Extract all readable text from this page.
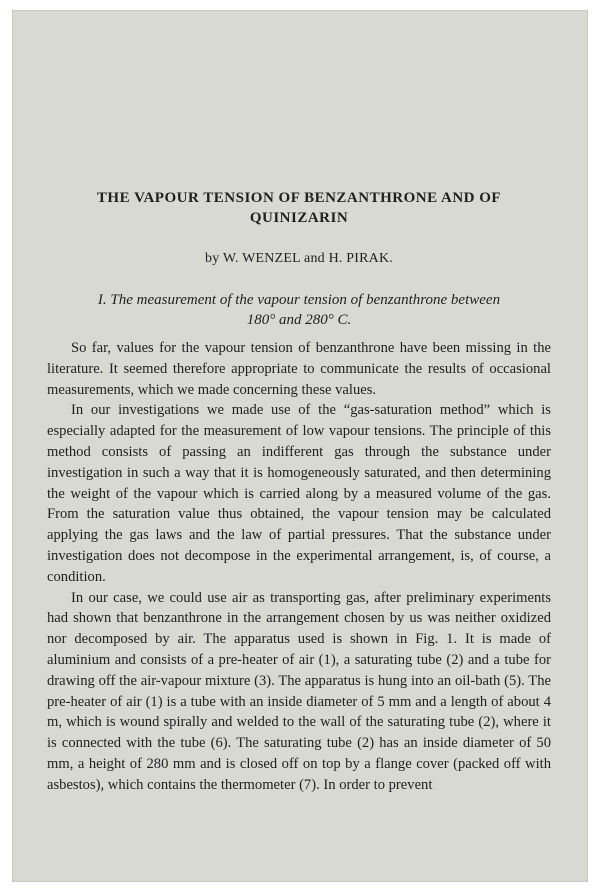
THE VAPOUR TENSION OF BENZANTHRONE AND OF
QUINIZARIN
by W. WENZEL and H. PIRAK.
I. The measurement of the vapour tension of benzanthrone between
180° and 280° C.

So far, values for the vapour tension of benzanthrone have been missing in the literature. It seemed therefore appropriate to communicate the results of occasional measurements, which we made concerning these values.

In our investigations we made use of the “gas-saturation method” which is especially adapted for the measurement of low vapour tensions. The principle of this method consists of passing an indifferent gas through the substance under investigation in such a way that it is homogeneously saturated, and then determining the weight of the vapour which is carried along by a measured volume of the gas. From the saturation value thus obtained, the vapour tension may be calculated applying the gas laws and the law of partial pressures. That the substance under investigation does not decompose in the experimental arrangement, is, of course, a condition.

In our case, we could use air as transporting gas, after preliminary experiments had shown that benzanthrone in the arrangement chosen by us was neither oxidized nor decomposed by air. The apparatus used is shown in Fig. 1. It is made of aluminium and consists of a pre-heater of air (1), a saturating tube (2) and a tube for drawing off the air-vapour mixture (3). The apparatus is hung into an oil-bath (5). The pre-heater of air (1) is a tube with an inside diameter of 5 mm and a length of about 4 m, which is wound spirally and welded to the wall of the saturating tube (2), where it is connected with the tube (6). The saturating tube (2) has an inside diameter of 50 mm, a height of 280 mm and is closed off on top by a flange cover (packed off with asbestos), which contains the thermometer (7). In order to prevent
